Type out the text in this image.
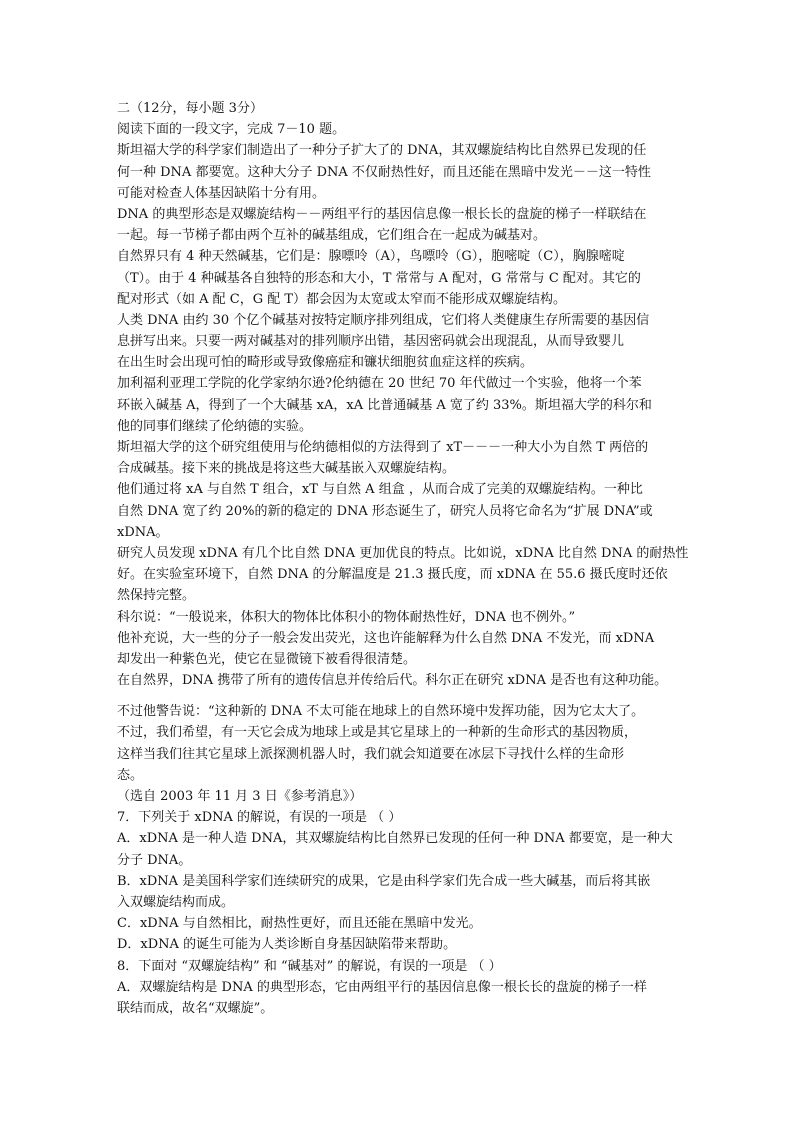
二（12分，每小题 3分）
阅读下面的一段文字，完成 7－10 题。
斯坦福大学的科学家们制造出了一种分子扩大了的 DNA，其双螺旋结构比自然界已发现的任
何一种 DNA 都要宽。这种大分子 DNA 不仅耐热性好，而且还能在黑暗中发光－－这一特性
可能对检查人体基因缺陷十分有用。
DNA 的典型形态是双螺旋结构－－两组平行的基因信息像一根长长的盘旋的梯子一样联结在
一起。每一节梯子都由两个互补的碱基组成，它们组合在一起成为碱基对。
自然界只有 4 种天然碱基，它们是：腺嘌呤（A），鸟嘌呤（G），胞嘧啶（C），胸腺嘧啶
（T）。由于 4 种碱基各自独特的形态和大小，T 常常与 A 配对，G 常常与 C 配对。其它的
配对形式（如 A 配 C，G 配 T）都会因为太宽或太窄而不能形成双螺旋结构。
人类 DNA 由约 30 个亿个碱基对按特定顺序排列组成，它们将人类健康生存所需要的基因信
息拼写出来。只要一两对碱基对的排列顺序出错，基因密码就会出现混乱，从而导致婴儿
在出生时会出现可怕的畸形或导致像癌症和镰状细胞贫血症这样的疾病。
加利福利亚理工学院的化学家纳尔逊?伦纳德在 20 世纪 70 年代做过一个实验，他将一个苯
环嵌入碱基 A，得到了一个大碱基 xA，xA 比普通碱基 A 宽了约 33%。斯坦福大学的科尔和
他的同事们继续了伦纳德的实验。
斯坦福大学的这个研究组使用与伦纳德相似的方法得到了 xT－－－一种大小为自然 T 两倍的
合成碱基。接下来的挑战是将这些大碱基嵌入双螺旋结构。
他们通过将 xA 与自然 T 组合，xT 与自然 A 组盒 ，从而合成了完美的双螺旋结构。一种比
自然 DNA 宽了约 20%的新的稳定的 DNA 形态诞生了，研究人员将它命名为“扩展 DNA”或
xDNA。
研究人员发现 xDNA 有几个比自然 DNA 更加优良的特点。比如说，xDNA 比自然 DNA 的耐热性
好。在实验室环境下，自然 DNA 的分解温度是 21.3 摄氏度，而 xDNA 在 55.6 摄氏度时还依
然保持完整。
科尔说：“一般说来，体积大的物体比体积小的物体耐热性好，DNA 也不例外。”
他补充说，大一些的分子一般会发出荧光，这也许能解释为什么自然 DNA 不发光，而 xDNA
却发出一种紫色光，使它在显微镜下被看得很清楚。
在自然界，DNA 携带了所有的遗传信息并传给后代。科尔正在研究 xDNA 是否也有这种功能。
不过他警告说：“这种新的 DNA 不太可能在地球上的自然环境中发挥功能，因为它太大了。
不过，我们希望，有一天它会成为地球上或是其它星球上的一种新的生命形式的基因物质，
这样当我们往其它星球上派探测机器人时，我们就会知道要在冰层下寻找什么样的生命形
态。
（选自 2003 年 11 月 3 日《参考消息》）
7．下列关于 xDNA 的解说，有误的一项是 （ ）
A．xDNA 是一种人造 DNA，其双螺旋结构比自然界已发现的任何一种 DNA 都要宽，是一种大
分子 DNA。
B．xDNA 是美国科学家们连续研究的成果，它是由科学家们先合成一些大碱基，而后将其嵌
入双螺旋结构而成。
C．xDNA 与自然相比，耐热性更好，而且还能在黑暗中发光。
D．xDNA 的诞生可能为人类诊断自身基因缺陷带来帮助。
8．下面对 “双螺旋结构” 和 “碱基对” 的解说，有误的一项是 （ ）
A．双螺旋结构是 DNA 的典型形态，它由两组平行的基因信息像一根长长的盘旋的梯子一样
联结而成，故名“双螺旋”。
